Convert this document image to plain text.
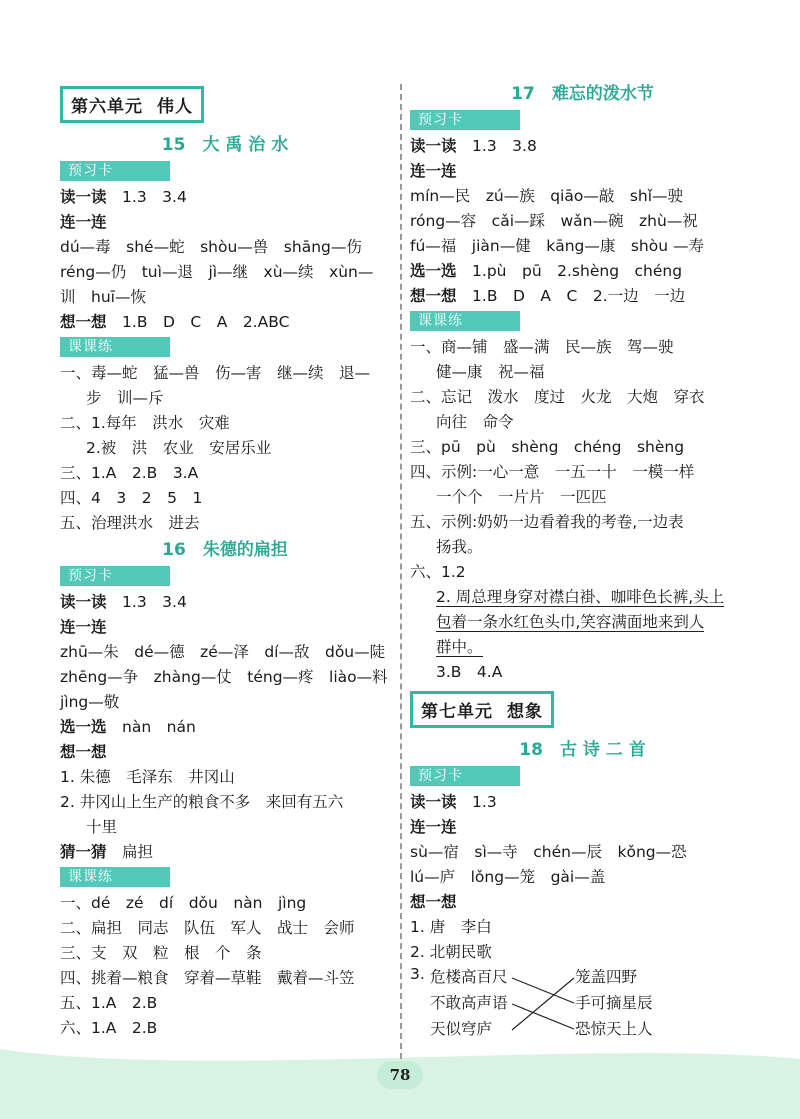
78
第六单元 伟人
15　大 禹 治 水
预习卡
读一读　 1.3　3.4
连一连
dú—毒　shé—蛇　shòu—兽　shāng—伤
réng—仍　tuì—退　jì—继　xù—续　xùn—
训　huī—恢
想一想　 1.B　D　C　A　2.ABC
课课练
一、毒—蛇　猛—兽　伤—害　继—续　退—
步　训—斥
二、1.每年　洪水　灾难
2.被　洪　农业　安居乐业
三、1.A　2.B　3.A
四、4　3　2　5　1
五、治理洪水　进去
16　朱德的扁担
预习卡
读一读　 1.3　3.4
连一连
zhū—朱　dé—德　zé—泽　dí—敌　dǒu—陡
zhēng—争　zhàng—仗　téng—疼　liào—料
jìng—敬
选一选　 nàn　nán
想一想
1. 朱德　毛泽东　井冈山
2. 井冈山上生产的粮食不多　来回有五六
十里
猜一猜　 扁担
课课练
一、dé　zé　dí　dǒu　nàn　jìng
二、扁担　同志　队伍　军人　战士　会师
三、支　双　粒　根　个　条
四、挑着—粮食　穿着—草鞋　戴着—斗笠
五、1.A　2.B
六、1.A　2.B
17　难忘的泼水节
预习卡
读一读　 1.3　3.8
连一连
mín—民　zú—族　qiāo—敲　shǐ—驶
róng—容　cǎi—踩　wǎn—碗　zhù—祝
fú—福　jiàn—健　kāng—康　shòu —寿
选一选　 1.pù　pū　2.shèng　chéng
想一想　 1.B　D　A　C　2.一边　一边
课课练
一、商—铺　盛—满　民—族　驾—驶
健—康　祝—福
二、忘记　泼水　度过　火龙　大炮　穿衣
向往　命令
三、pū　pù　shèng　chéng　shèng
四、示例:一心一意　一五一十　一模一样
一个个　一片片　一匹匹
五、示例:奶奶一边看着我的考卷,一边表
扬我。
六、1.2
2. 周总理身穿对襟白褂、咖啡色长裤,头上
包着一条水红色头巾,笑容满面地来到人
群中。
3.B　4.A
第七单元 想象
18　古 诗 二 首
预习卡
读一读　 1.3
连一连
sù—宿　sì—寺　chén—辰　kǒng—恐
lú—庐　lǒng—笼　gài—盖
想一想
1. 唐　李白
2. 北朝民歌
3. 危楼高百尺
不敢高声语
天似穹庐
笼盖四野
手可摘星辰
恐惊天上人
